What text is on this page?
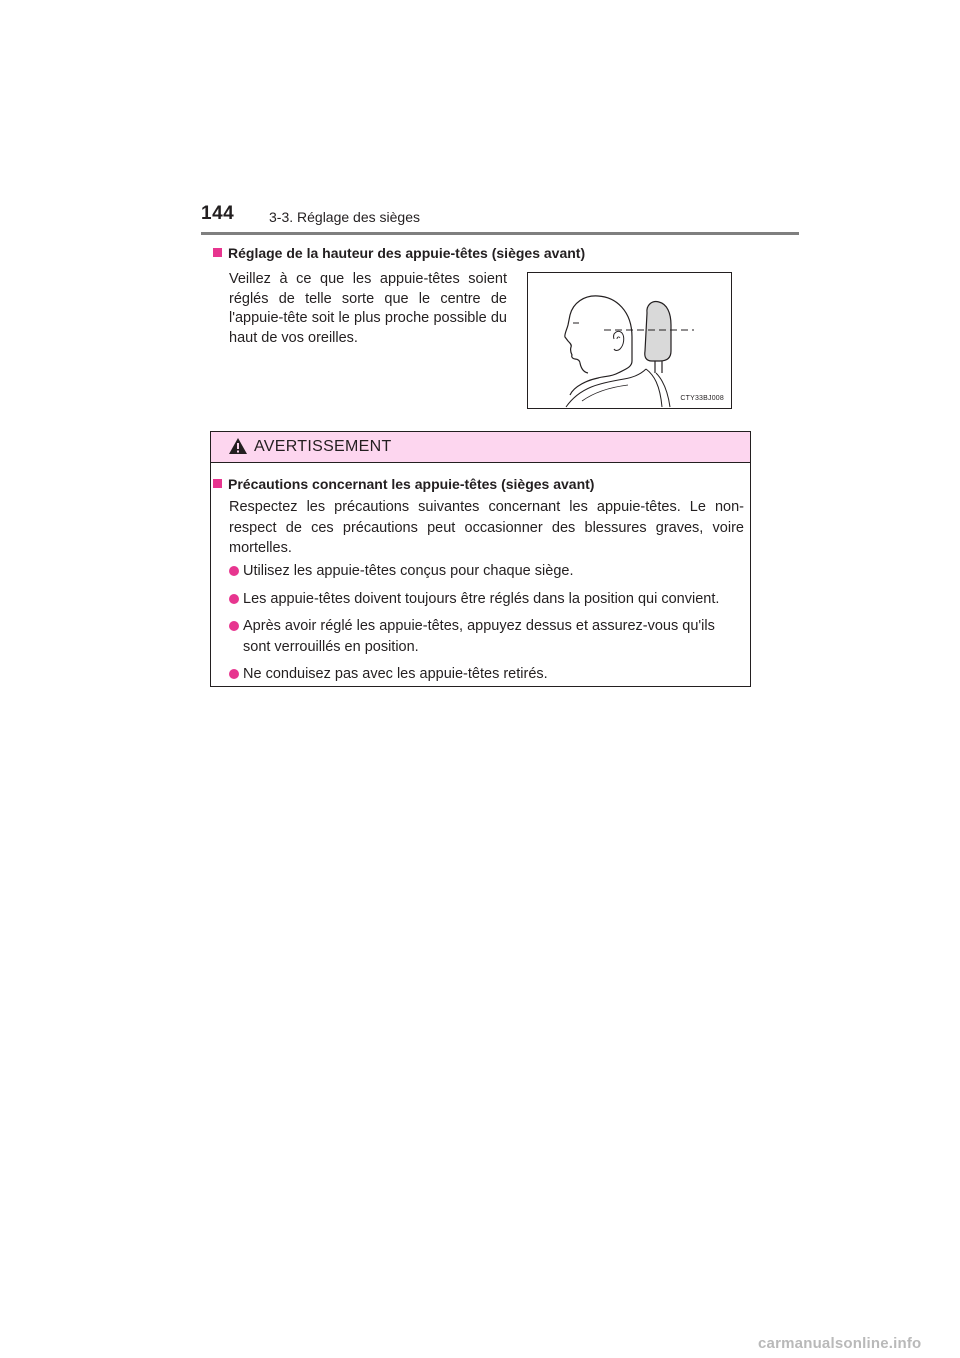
144 3-3. Réglage des sièges
Réglage de la hauteur des appuie-têtes (sièges avant)
Veillez à ce que les appuie-têtes soient réglés de telle sorte que le centre de l'appuie-tête soit le plus proche possible du haut de vos oreilles.
CTY33BJ008
AVERTISSEMENT
Précautions concernant les appuie-têtes (sièges avant)
Respectez les précautions suivantes concernant les appuie-têtes. Le non-respect de ces précautions peut occasionner des blessures graves, voire mortelles.
Utilisez les appuie-têtes conçus pour chaque siège.
Les appuie-têtes doivent toujours être réglés dans la position qui convient.
Après avoir réglé les appuie-têtes, appuyez dessus et assurez-vous qu'ils sont verrouillés en position.
Ne conduisez pas avec les appuie-têtes retirés.
carmanualsonline.info
